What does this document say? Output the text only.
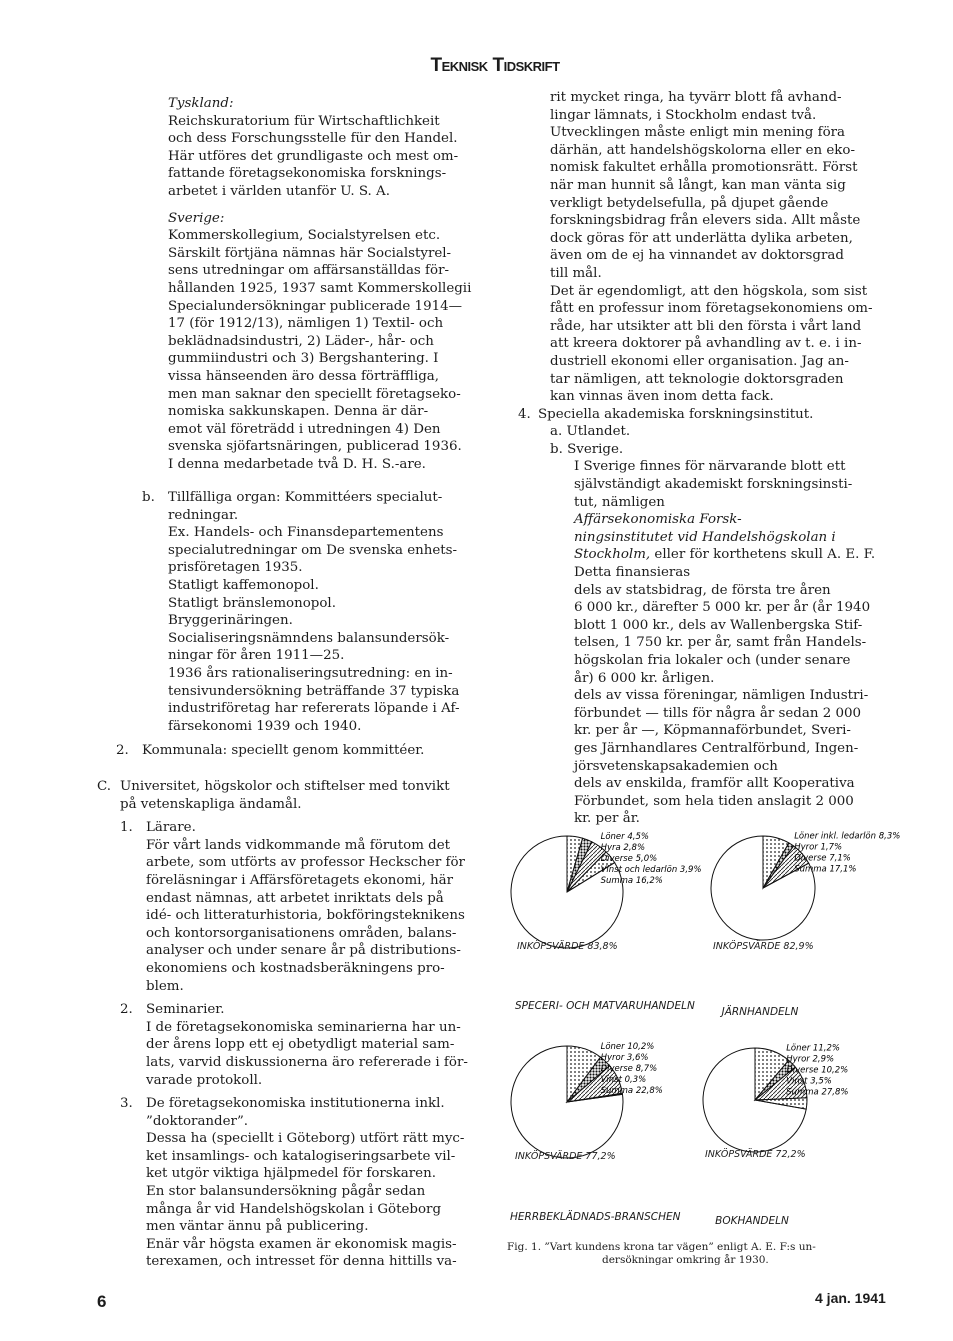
Teknisk Tidskrift
Tyskland:
Reichskuratorium für Wirtschaftlichkeit
och dess Forschungsstelle für den Handel.
Här utföres det grundligaste och mest om-
fattande företagsekonomiska forsknings-
arbetet i världen utanför U. S. A.
Sverige:
Kommerskollegium, Socialstyrelsen etc.
Särskilt förtjäna nämnas här Socialstyrel-
sens utredningar om affärsanställdas för-
hållanden 1925, 1937 samt Kommerskollegii
Specialundersökningar publicerade 1914—
17 (för 1912/13), nämligen 1) Textil- och
beklädnadsindustri, 2) Läder-, hår- och
gummiindustri och 3) Bergshantering. I
vissa hänseenden äro dessa förträffliga,
men man saknar den speciellt företagseko-
nomiska sakkunskapen. Denna är där-
emot väl företrädd i utredningen 4) Den
svenska sjöfartsnäringen, publicerad 1936.
I denna medarbetade två D. H. S.-are.
b. Tillfälliga organ: Kommittéers specialut-
redningar.
Ex. Handels- och Finansdepartementens
specialutredningar om De svenska enhets-
prisföretagen 1935.
Statligt kaffemonopol.
Statligt bränslemonopol.
Bryggerinäringen.
Socialiseringsnämndens balansundersök-
ningar för åren 1911—25.
1936 års rationaliseringsutredning: en in-
tensivundersökning beträffande 37 typiska
industriföretag har refererats löpande i Af-
färsekonomi 1939 och 1940.
2. Kommunala: speciellt genom kommittéer.
C. Universitet, högskolor och stiftelser med tonvikt
på vetenskapliga ändamål.
1. Lärare.
För vårt lands vidkommande må förutom det
arbete, som utförts av professor Heckscher för
föreläsningar i Affärsföretagets ekonomi, här
endast nämnas, att arbetet inriktats dels på
idé- och litteraturhistoria, bokföringsteknikens
och kontorsorganisationens områden, balans-
analyser och under senare år på distributions-
ekonomiens och kostnadsberäkningens pro-
blem.
2. Seminarier.
I de företagsekonomiska seminarierna har un-
der årens lopp ett ej obetydligt material sam-
lats, varvid diskussionerna äro refererade i för-
varade protokoll.
3. De företagsekonomiska institutionerna inkl.
”doktorander”.
Dessa ha (speciellt i Göteborg) utfört rätt myc-
ket insamlings- och katalogiseringsarbete vil-
ket utgör viktiga hjälpmedel för forskaren.
En stor balansundersökning pågår sedan
många år vid Handelshögskolan i Göteborg
men väntar ännu på publicering.
Enär vår högsta examen är ekonomisk magis-
terexamen, och intresset för denna hittills va-
rit mycket ringa, ha tyvärr blott få avhand-
lingar lämnats, i Stockholm endast två.
Utvecklingen måste enligt min mening föra
därhän, att handelshögskolorna eller en eko-
nomisk fakultet erhålla promotionsrätt. Först
när man hunnit så långt, kan man vänta sig
verkligt betydelsefulla, på djupet gående
forskningsbidrag från elevers sida. Allt måste
dock göras för att underlätta dylika arbeten,
även om de ej ha vinnandet av doktorsgrad
till mål.
Det är egendomligt, att den högskola, som sist
fått en professur inom företagsekonomiens om-
råde, har utsikter att bli den första i vårt land
att kreera doktorer på avhandling av t. e. i in-
dustriell ekonomi eller organisation. Jag an-
tar nämligen, att teknologie doktorsgraden
kan vinnas även inom detta fack.
4. Speciella akademiska forskningsinstitut.
a. Utlandet.
b. Sverige.
I Sverige finnes för närvarande blott ett
självständigt akademiskt forskningsinsti-
tut, nämligen
Affärsekonomiska Forsk-
ningsinstitutet vid Handelshögskolan i
Stockholm, eller för korthetens skull A. E. F.
Detta finansieras
dels av statsbidrag, de första tre åren
6 000 kr., därefter 5 000 kr. per år (år 1940
blott 1 000 kr., dels av Wallenbergska Stif-
telsen, 1 750 kr. per år, samt från Handels-
högskolan fria lokaler och (under senare
år) 6 000 kr. årligen.
dels av vissa föreningar, nämligen Industri-
förbundet — tills för några år sedan 2 000
kr. per år —, Köpmannaförbundet, Sveri-
ges Järnhandlares Centralförbund, Ingen-
jörsvetenskapsakademien och
dels av enskilda, framför allt Kooperativa
Förbundet, som hela tiden anslagit 2 000
kr. per år.
Löner 4,5%
Hyra 2,8%
Diverse 5,0%
Vinst och ledarlön 3,9%
Summa 16,2%
Löner inkl. ledarlön 8,3%
Hyror 1,7%
Diverse 7,1%
Summa 17,1%
Löner 10,2%
Hyror 3,6%
Diverse 8,7%
Vinst 0,3%
Summa 22,8%
Löner 11,2%
Hyror 2,9%
Diverse 10,2%
Vinst 3,5%
Summa 27,8%
INKÖPSVÄRDE 83,8%
SPECERI- OCH MATVARUHANDELN
INKÖPSVÄRDE 82,9%
JÄRNHANDELN
INKÖPSVÄRDE 77,2%
HERRBEKLÄDNADS-BRANSCHEN
INKÖPSVÄRDE 72,2%
BOKHANDELN
Fig. 1. ”Vart kundens krona tar vägen” enligt A. E. F:s un-
dersökningar omkring år 1930.
6	4 jan. 1941
